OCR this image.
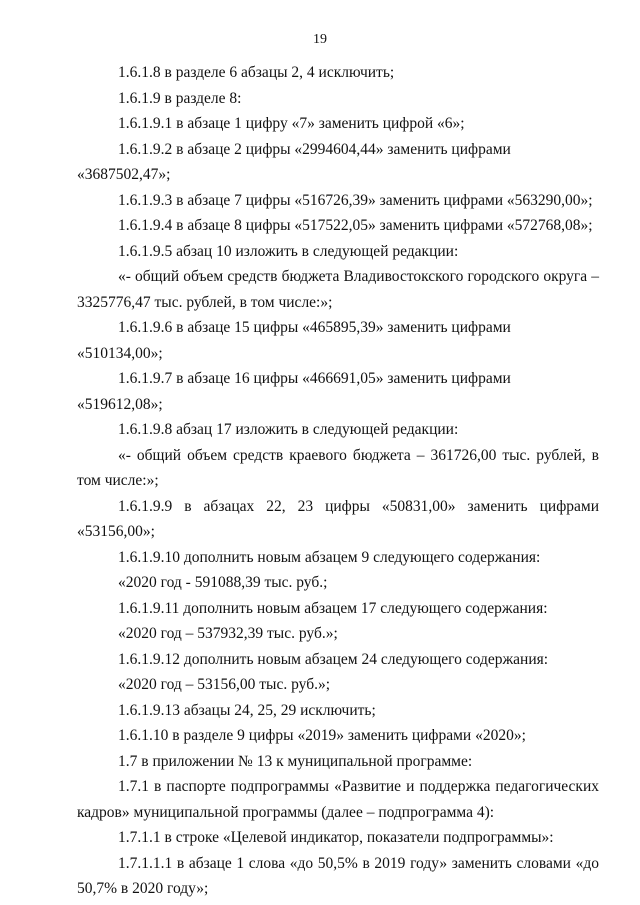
19

1.6.1.8 в разделе 6 абзацы 2, 4 исключить;

1.6.1.9 в разделе 8:

1.6.1.9.1 в абзаце 1 цифру «7» заменить цифрой «6»;

1.6.1.9.2 в абзаце 2 цифры «2994604,44» заменить цифрами «3687502,47»;

1.6.1.9.3 в абзаце 7 цифры «516726,39» заменить цифрами «563290,00»;

1.6.1.9.4 в абзаце 8 цифры «517522,05» заменить цифрами «572768,08»;

1.6.1.9.5 абзац 10 изложить в следующей редакции:

«- общий объем средств бюджета Владивостокского городского округа – 3325776,47 тыс. рублей, в том числе:»;

1.6.1.9.6 в абзаце 15 цифры «465895,39» заменить цифрами «510134,00»;

1.6.1.9.7 в абзаце 16 цифры «466691,05» заменить цифрами «519612,08»;

1.6.1.9.8 абзац 17 изложить в следующей редакции:

«- общий объем средств краевого бюджета – 361726,00 тыс. рублей, в том числе:»;

1.6.1.9.9 в абзацах 22, 23 цифры «50831,00» заменить цифрами «53156,00»;

1.6.1.9.10 дополнить новым абзацем 9 следующего содержания:

«2020 год - 591088,39 тыс. руб.;

1.6.1.9.11 дополнить новым абзацем 17 следующего содержания:

«2020 год – 537932,39 тыс. руб.»;

1.6.1.9.12 дополнить новым абзацем 24 следующего содержания:

«2020 год – 53156,00 тыс. руб.»;

1.6.1.9.13 абзацы 24, 25, 29 исключить;

1.6.1.10 в разделе 9 цифры «2019» заменить цифрами «2020»;

1.7 в приложении № 13 к муниципальной программе:

1.7.1 в паспорте подпрограммы «Развитие и поддержка педагогических кадров» муниципальной программы (далее – подпрограмма 4):

1.7.1.1 в строке «Целевой индикатор, показатели подпрограммы»:

1.7.1.1.1 в абзаце 1 слова «до 50,5% в 2019 году» заменить словами «до 50,7% в 2020 году»;
